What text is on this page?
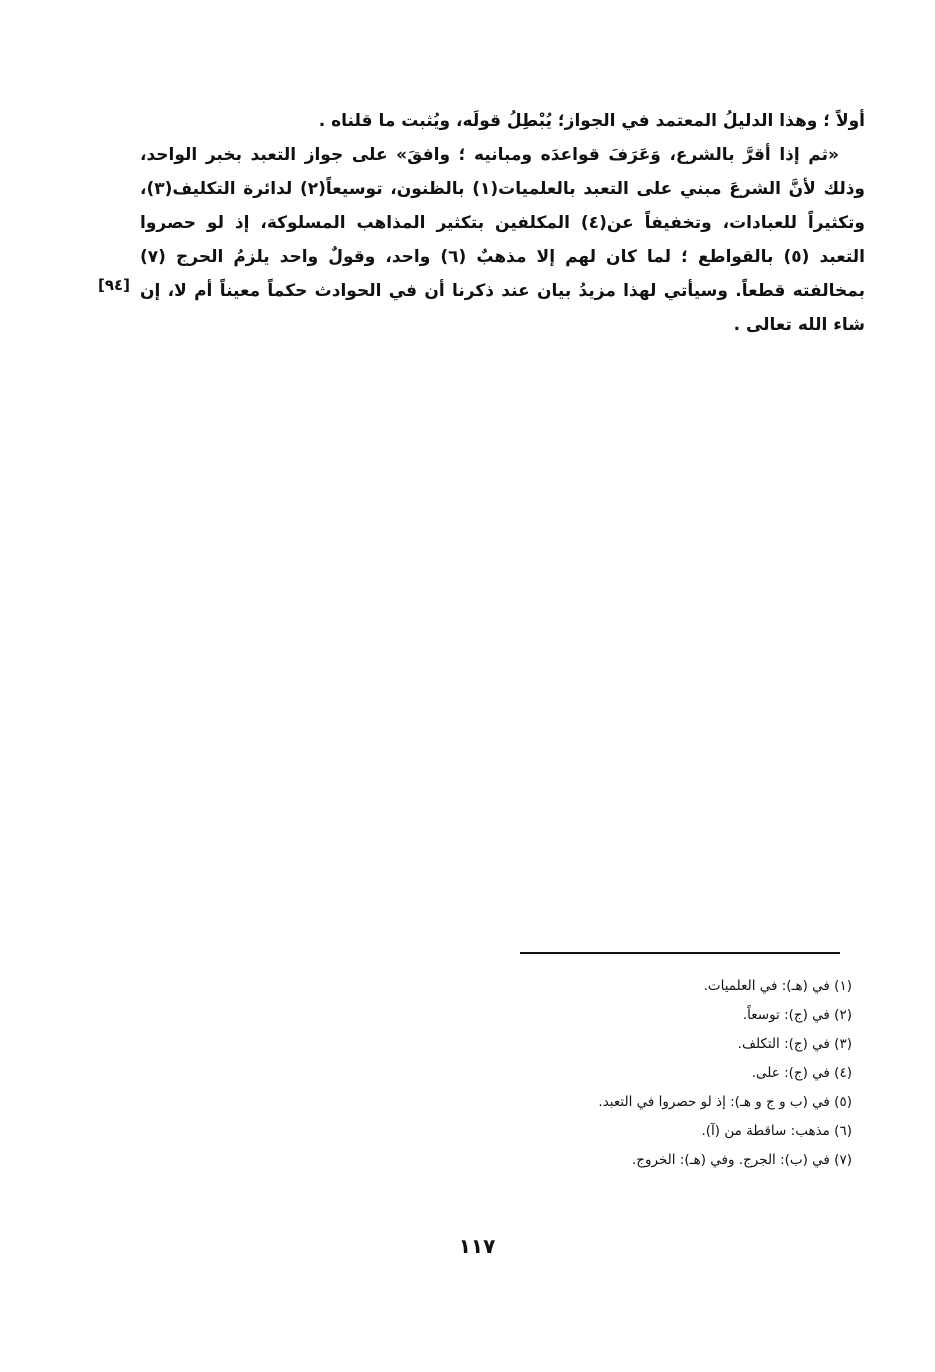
أولاً ؛ وهذا الدليلُ المعتمد في الجواز؛ يُبْطِلُ قولَه، ويُثبت ما قلناه .

«ثم إذا أقرَّ بالشرع، وَعَرَفَ قواعدَه ومبانيه ؛ وافقَ» على جواز التعبد بخبر الواحد، وذلك لأنَّ الشرعَ مبني على التعبد بالعلميات(١) بالظنون، توسيعاً(٢) لدائرة التكليف(٣)، وتكثيراً للعبادات، وتخفيفاً عن(٤) المكلفين بتكثير المذاهب المسلوكة، إذ لو حصروا التعبد (٥) بالقواطع ؛ لما كان لهم إلا مذهبٌ (٦) واحد، وقولٌ واحد يلزمُ الحرج (٧) بمخالفته قطعاً. وسيأتي لهذا مزيدُ بيان عند ذكرنا أن في الحوادث حكماً معيناً أم لا، إن شاء الله تعالى .

[٩٤]
(١) في (هـ): في العلميات.
(٢) في (ج): توسعاً.
(٣) في (ج): التكلف.
(٤) في (ج): على.
(٥) في (ب و ج و هـ): إذ لو حصروا في التعبد.
(٦) مذهب: ساقطة من (آ).
(٧) في (ب): الجرج. وفي (هـ): الخروج.
١١٧
